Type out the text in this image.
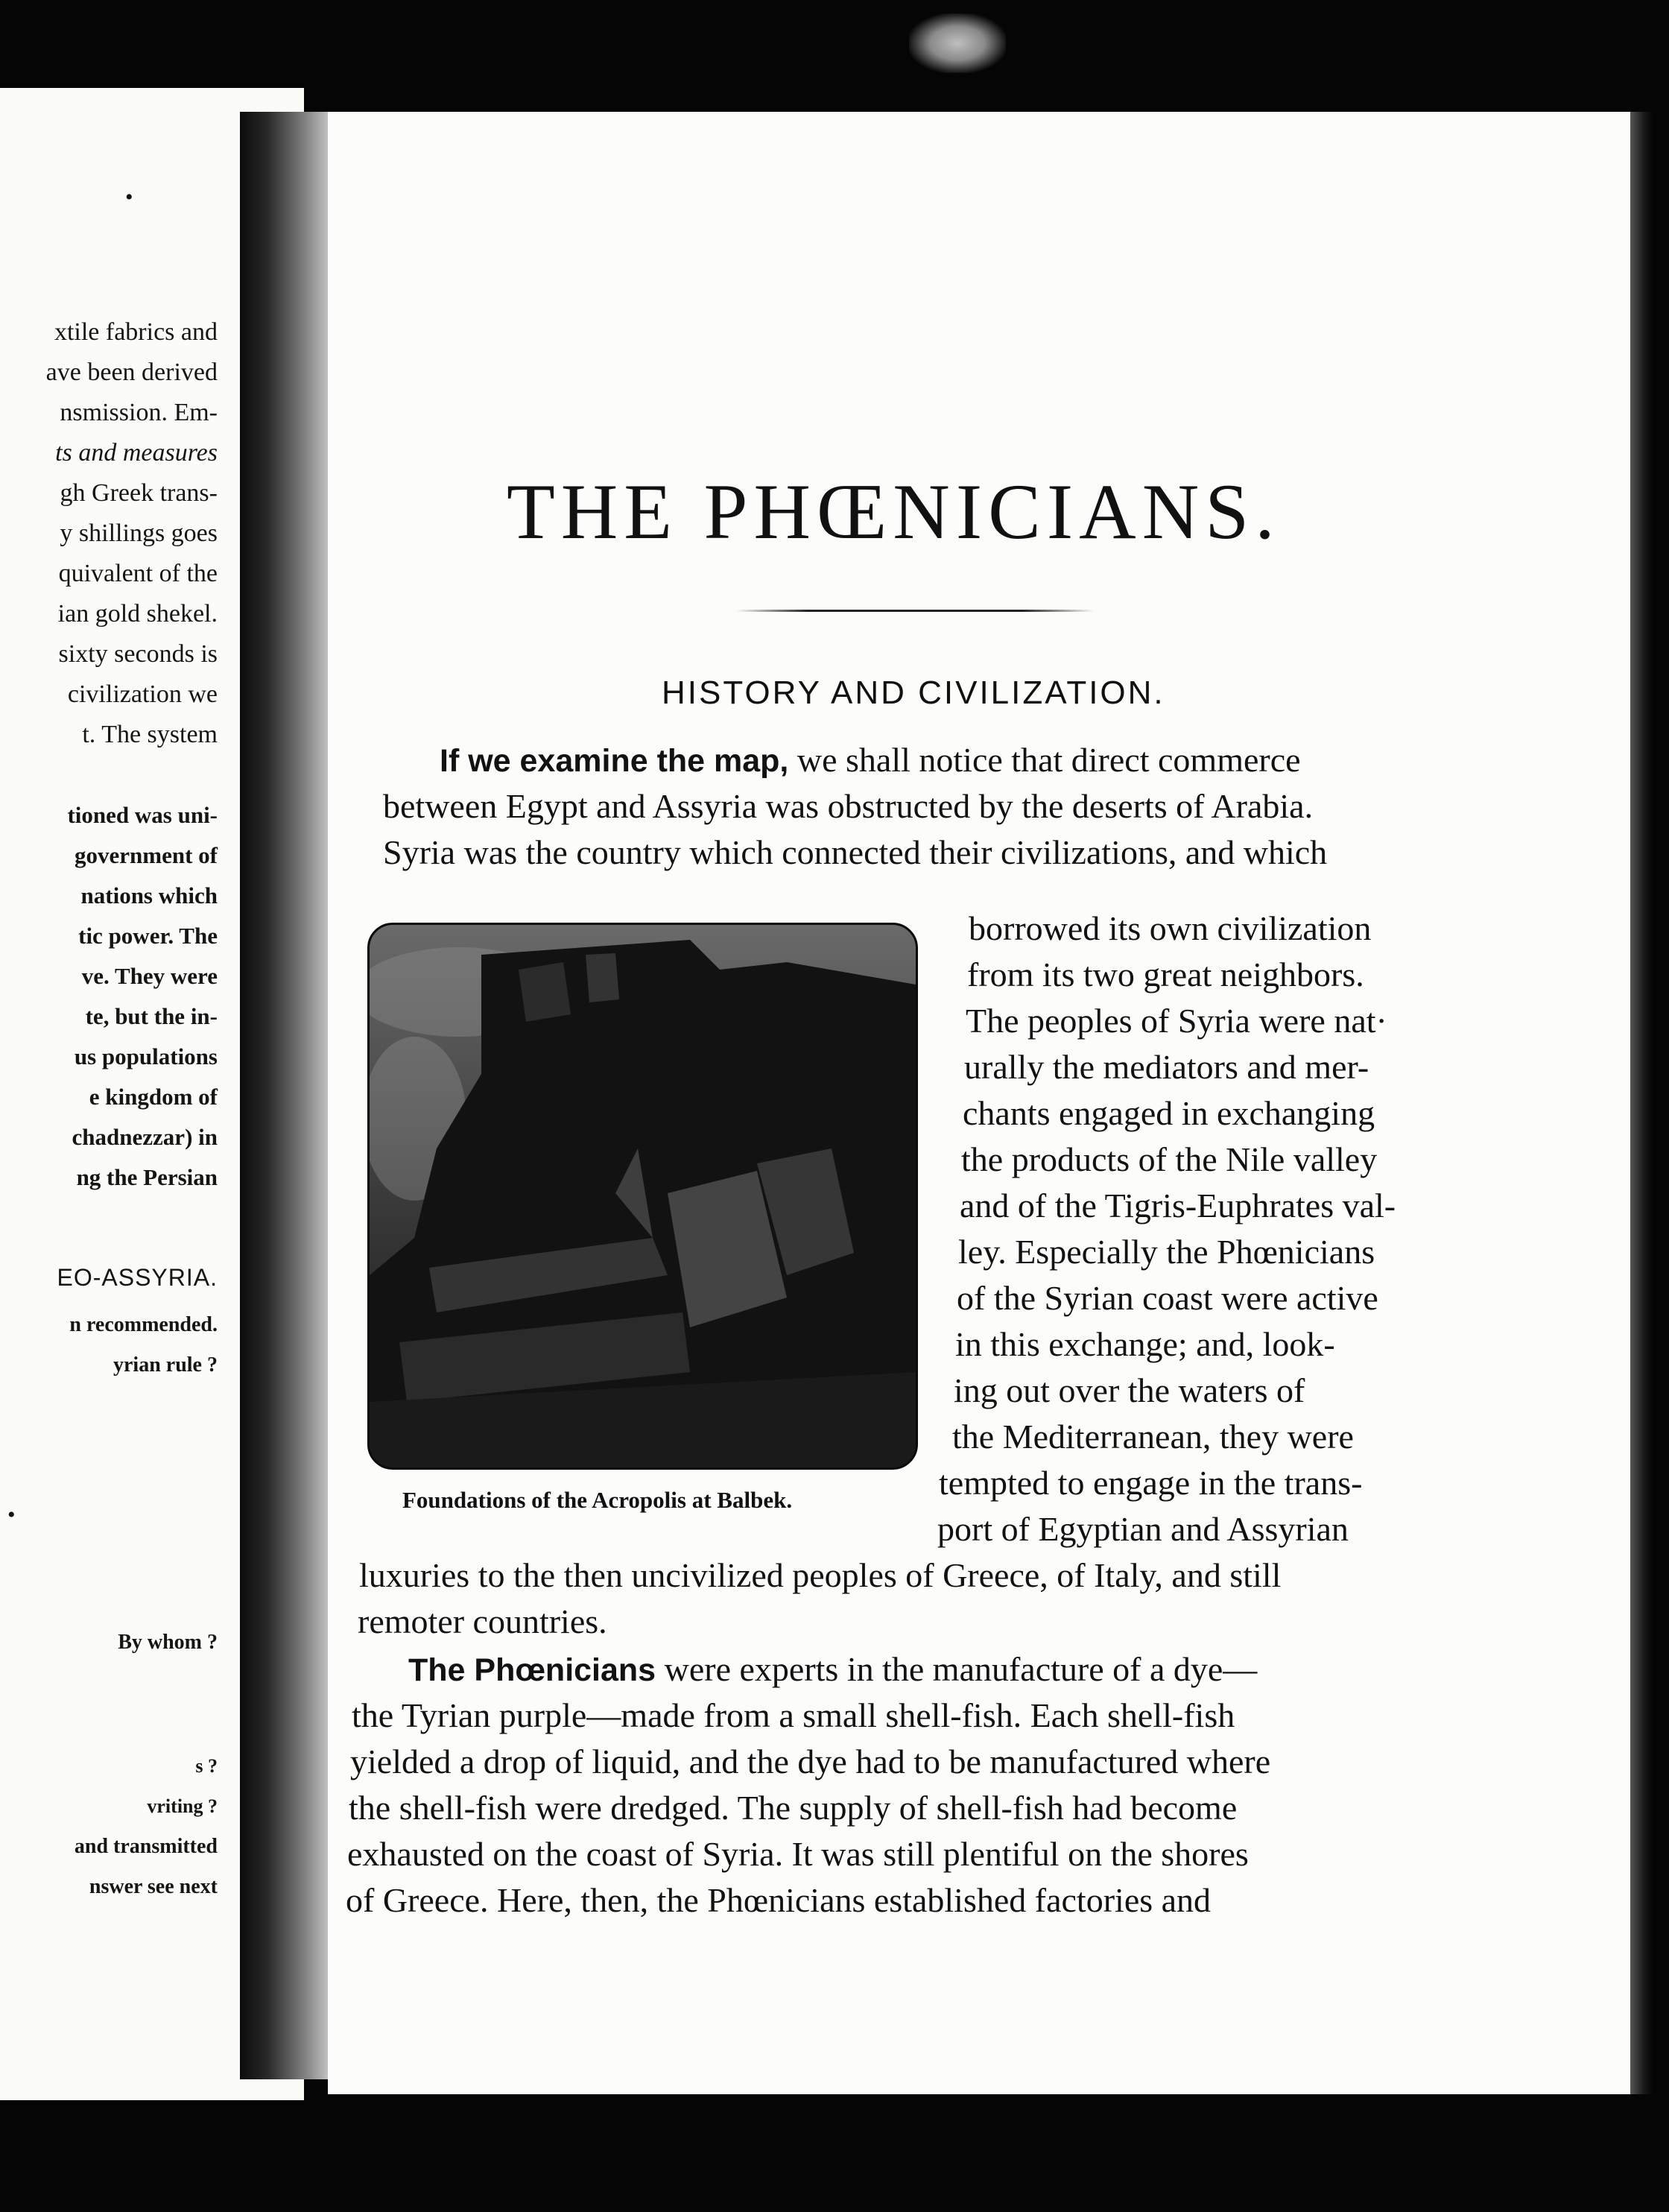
•
xtile fabrics and
ave been derived
nsmission. Em-
ts and measures
gh Greek trans-
y shillings goes
quivalent of the
ian gold shekel.
sixty seconds is
civilization we
t. The system
tioned was uni-
government of
nations which
tic power. The
ve. They were
te, but the in-
us populations
e kingdom of
chadnezzar) in
ng the Persian
EO-ASSYRIA.
n recommended.
yrian rule ?
•
By whom ?
s ?
vriting ?
and transmitted
nswer see next
THE PHŒNICIANS.
HISTORY AND CIVILIZATION.
If we examine the map, we shall notice that direct commerce
between Egypt and Assyria was obstructed by the deserts of Arabia.
Syria was the country which connected their civilizations, and which
borrowed its own civilization
from its two great neighbors.
The peoples of Syria were nat·
urally the mediators and mer-
chants engaged in exchanging
the products of the Nile valley
and of the Tigris-Euphrates val-
ley. Especially the Phœnicians
of the Syrian coast were active
in this exchange; and, look-
ing out over the waters of
the Mediterranean, they were
tempted to engage in the trans-
port of Egyptian and Assyrian
luxuries to the then uncivilized peoples of Greece, of Italy, and still
remoter countries.
Foundations of the Acropolis at Balbek.
The Phœnicians were experts in the manufacture of a dye—
the Tyrian purple—made from a small shell-fish. Each shell-fish
yielded a drop of liquid, and the dye had to be manufactured where
the shell-fish were dredged. The supply of shell-fish had become
exhausted on the coast of Syria. It was still plentiful on the shores
of Greece. Here, then, the Phœnicians established factories and
